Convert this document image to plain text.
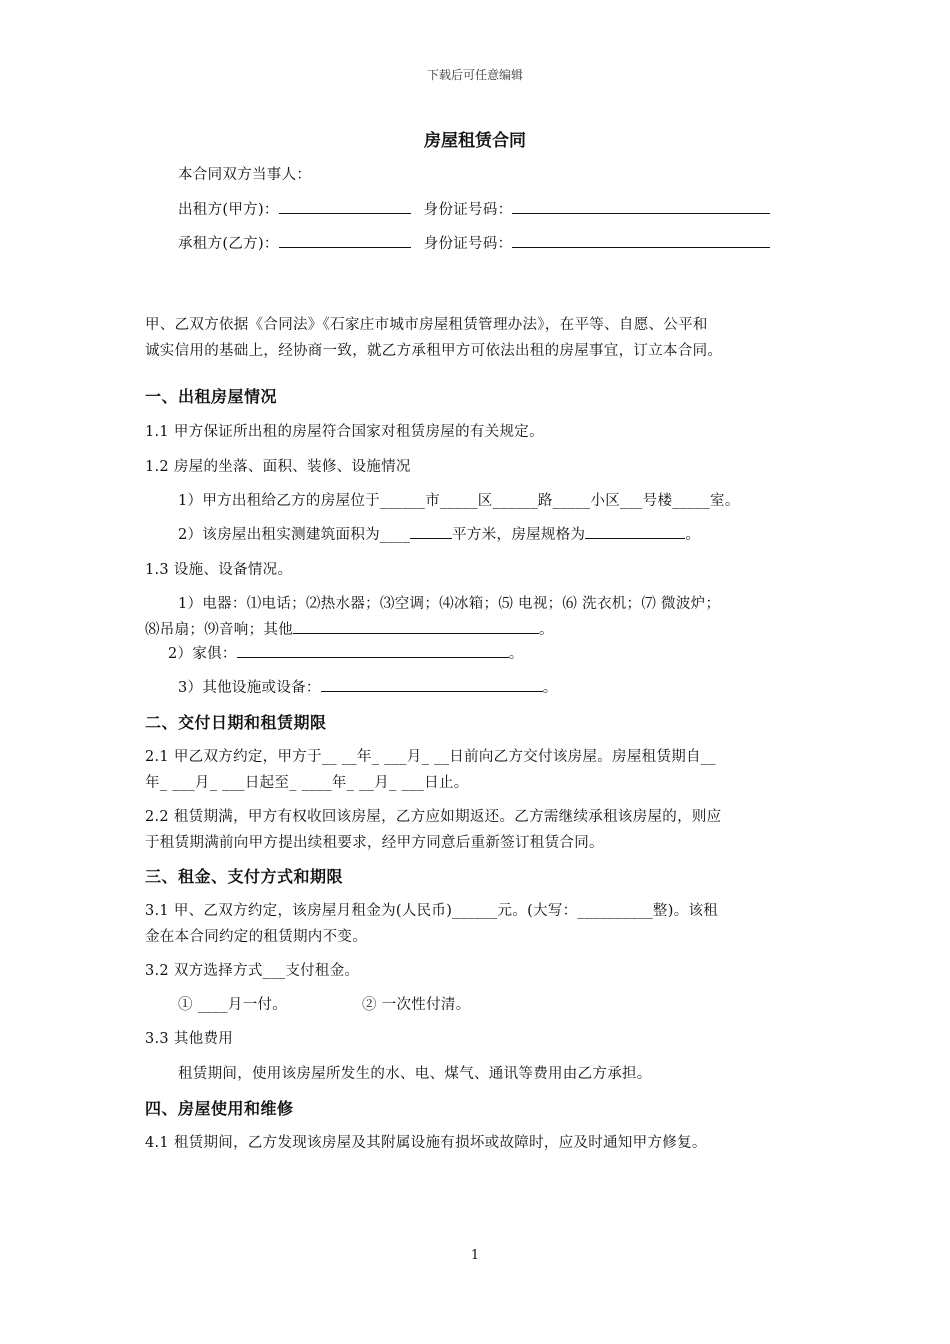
下载后可任意编辑
房屋租赁合同
本合同双方当事人：
出租方(甲方)：	身份证号码：
承租方(乙方)：	身份证号码：
甲、乙双方依据《合同法》《石家庄市城市房屋租赁管理办法》，在平等、自愿、公平和
诚实信用的基础上，经协商一致，就乙方承租甲方可依法出租的房屋事宜，订立本合同。
一、出租房屋情况
1.1 甲方保证所出租的房屋符合国家对租赁房屋的有关规定。
1.2 房屋的坐落、面积、装修、设施情况
1）甲方出租给乙方的房屋位于______市_____区______路_____小区___号楼_____室。
2）该房屋出租实测建筑面积为____	平方米，房屋规格为	。
1.3 设施、设备情况。
1）电器：⑴电话；⑵热水器；⑶空调；⑷冰箱；⑸ 电视；⑹ 洗衣机；⑺ 微波炉；
⑻吊扇；⑼音响；其他	。
2）家俱：	。
3）其他设施或设备：	。
二、交付日期和租赁期限
2.1 甲乙双方约定，甲方于__ __年_ ___月_ __日前向乙方交付该房屋。房屋租赁期自__
年_ ___月_ ___日起至_ ____年_ __月_ ___日止。
2.2 租赁期满，甲方有权收回该房屋，乙方应如期返还。乙方需继续承租该房屋的，则应
于租赁期满前向甲方提出续租要求，经甲方同意后重新签订租赁合同。
三、租金、支付方式和期限
3.1 甲、乙双方约定，该房屋月租金为(人民币)______元。(大写：__________整)。该租
金在本合同约定的租赁期内不变。
3.2 双方选择方式___支付租金。
① ____月一付。	② 一次性付清。
3.3 其他费用
租赁期间，使用该房屋所发生的水、电、煤气、通讯等费用由乙方承担。
四、房屋使用和维修
4.1 租赁期间，乙方发现该房屋及其附属设施有损坏或故障时，应及时通知甲方修复。
1
